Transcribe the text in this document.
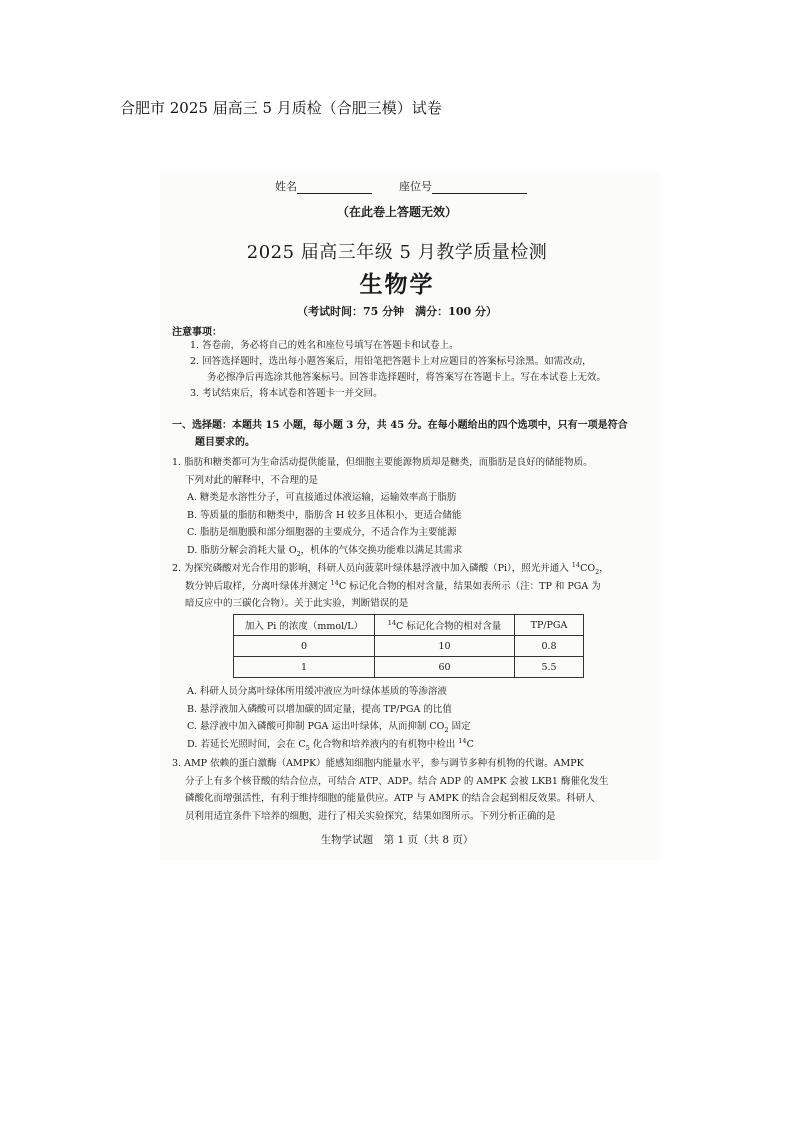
合肥市 2025 届高三 5 月质检（合肥三模）试卷
姓名	座位号
（在此卷上答题无效）
2025 届高三年级 5 月教学质量检测
生物学
（考试时间：75 分钟　满分：100 分）
注意事项：

1. 答卷前，务必将自己的姓名和座位号填写在答题卡和试卷上。

2. 回答选择题时，选出每小题答案后，用铅笔把答题卡上对应题目的答案标号涂黑。如需改动，

务必擦净后再选涂其他答案标号。回答非选择题时，将答案写在答题卡上。写在本试卷上无效。

3. 考试结束后，将本试卷和答题卡一并交回。

一、选择题：本题共 15 小题，每小题 3 分，共 45 分。在每小题给出的四个选项中，只有一项是符合
题目要求的。

1. 脂肪和糖类都可为生命活动提供能量，但细胞主要能源物质却是糖类，而脂肪是良好的储能物质。

下列对此的解释中，不合理的是

A. 糖类是水溶性分子，可直接通过体液运输，运输效率高于脂肪

B. 等质量的脂肪和糖类中，脂肪含 H 较多且体积小，更适合储能

C. 脂肪是细胞膜和部分细胞器的主要成分，不适合作为主要能源

D. 脂肪分解会消耗大量 $O_2$，机体的气体交换功能难以满足其需求

2. 为探究磷酸对光合作用的影响，科研人员向菠菜叶绿体悬浮液中加入磷酸（Pi），照光并通入 $^{14}CO_2$，

数分钟后取样，分离叶绿体并测定 $^{14}$C 标记化合物的相对含量，结果如表所示（注：TP 和 PGA 为

暗反应中的三碳化合物）。关于此实验，判断错误的是

加入 Pi 的浓度（mmol/L）	$^{14}$C 标记化合物的相对含量	TP/PGA
0	10	0.8
1	60	5.5

A. 科研人员分离叶绿体所用缓冲液应为叶绿体基质的等渗溶液

B. 悬浮液加入磷酸可以增加碳的固定量，提高 TP/PGA 的比值

C. 悬浮液中加入磷酸可抑制 PGA 运出叶绿体，从而抑制 $CO_2$ 固定

D. 若延长光照时间，会在 $C_5$ 化合物和培养液内的有机物中检出 $^{14}$C

3. AMP 依赖的蛋白激酶（AMPK）能感知细胞内能量水平，参与调节多种有机物的代谢。AMPK

分子上有多个核苷酸的结合位点，可结合 ATP、ADP。结合 ADP 的 AMPK 会被 LKB1 酶催化发生

磷酸化而增强活性，有利于维持细胞的能量供应。ATP 与 AMPK 的结合会起到相反效果。科研人

员利用适宜条件下培养的细胞，进行了相关实验探究，结果如图所示。下列分析正确的是

生物学试题　第 1 页（共 8 页）
